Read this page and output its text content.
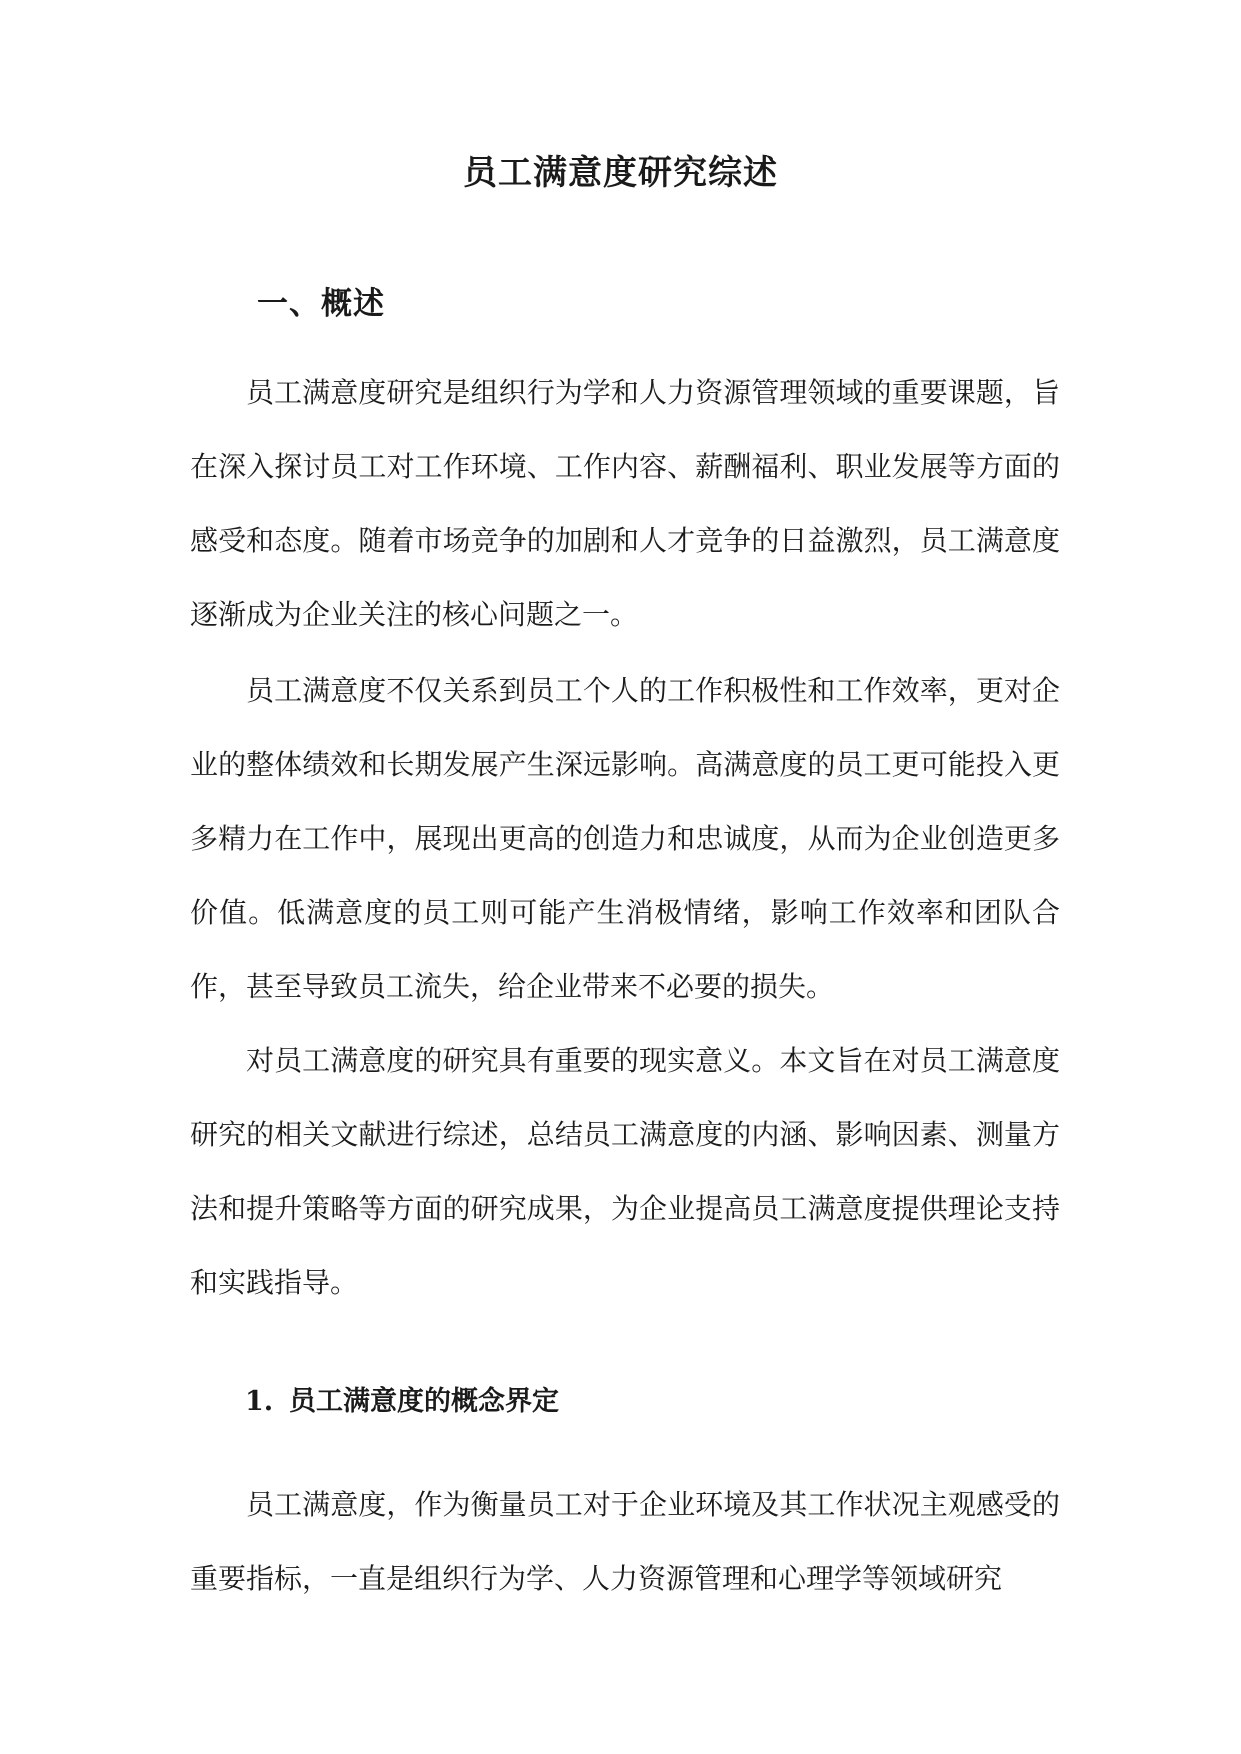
员工满意度研究综述
一、概述

员工满意度研究是组织行为学和人力资源管理领域的重要课题，旨在深入探讨员工对工作环境、工作内容、薪酬福利、职业发展等方面的感受和态度。随着市场竞争的加剧和人才竞争的日益激烈，员工满意度逐渐成为企业关注的核心问题之一。

员工满意度不仅关系到员工个人的工作积极性和工作效率，更对企业的整体绩效和长期发展产生深远影响。高满意度的员工更可能投入更多精力在工作中，展现出更高的创造力和忠诚度，从而为企业创造更多价值。低满意度的员工则可能产生消极情绪，影响工作效率和团队合作，甚至导致员工流失，给企业带来不必要的损失。

对员工满意度的研究具有重要的现实意义。本文旨在对员工满意度研究的相关文献进行综述，总结员工满意度的内涵、影响因素、测量方法和提升策略等方面的研究成果，为企业提高员工满意度提供理论支持和实践指导。

1. 员工满意度的概念界定

员工满意度，作为衡量员工对于企业环境及其工作状况主观感受的重要指标，一直是组织行为学、人力资源管理和心理学等领域研究
